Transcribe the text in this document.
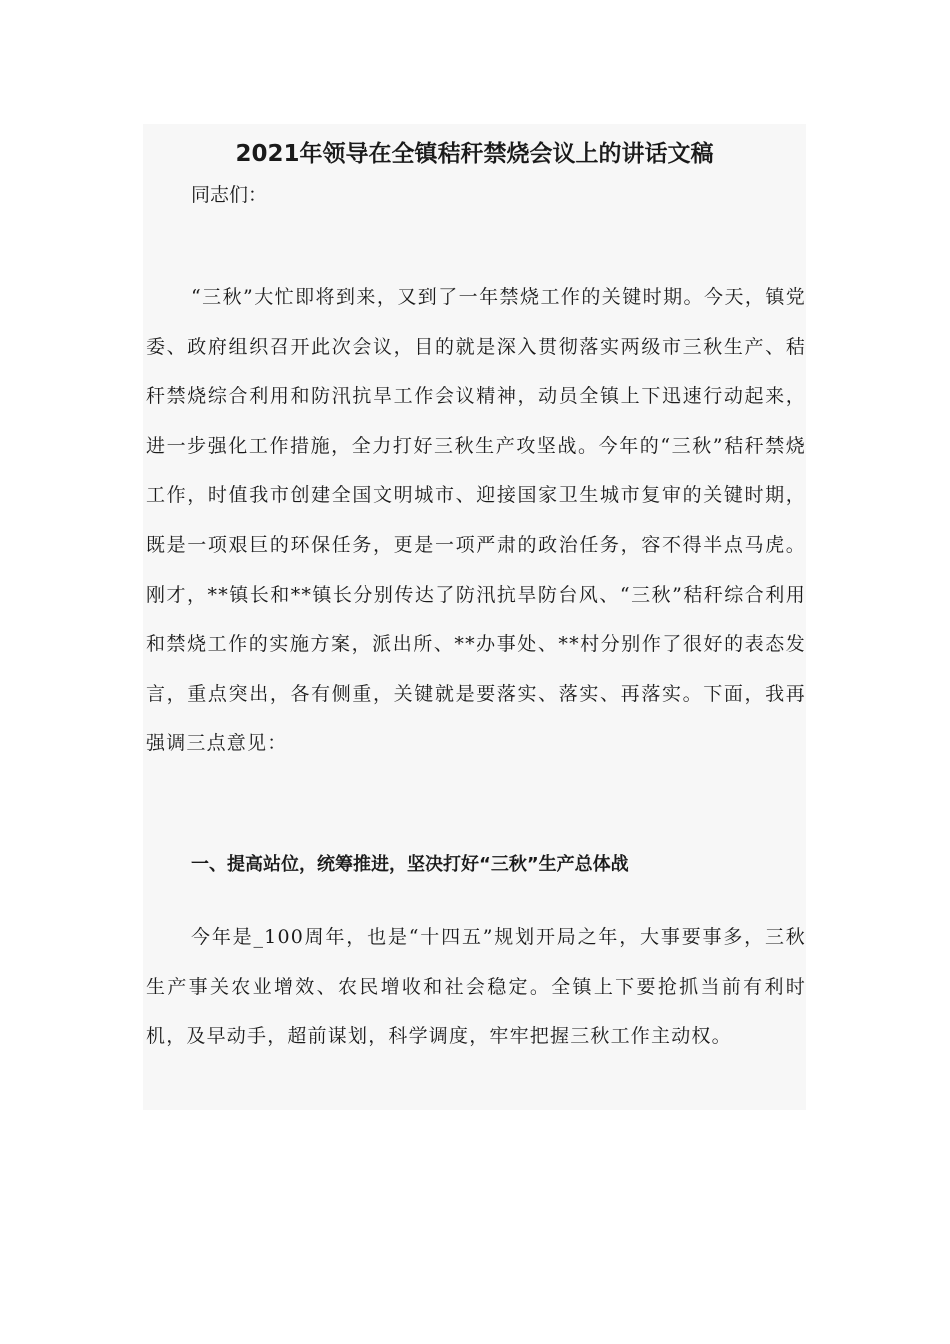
2021年领导在全镇秸秆禁烧会议上的讲话文稿

同志们：

“三秋”大忙即将到来，又到了一年禁烧工作的关键时期。今天，镇党委、政府组织召开此次会议，目的就是深入贯彻落实两级市三秋生产、秸秆禁烧综合利用和防汛抗旱工作会议精神，动员全镇上下迅速行动起来，进一步强化工作措施，全力打好三秋生产攻坚战。今年的“三秋”秸秆禁烧工作，时值我市创建全国文明城市、迎接国家卫生城市复审的关键时期，既是一项艰巨的环保任务，更是一项严肃的政治任务，容不得半点马虎。刚才，**镇长和**镇长分别传达了防汛抗旱防台风、“三秋”秸秆综合利用和禁烧工作的实施方案，派出所、**办事处、**村分别作了很好的表态发言，重点突出，各有侧重，关键就是要落实、落实、再落实。下面，我再强调三点意见：

一、提高站位，统筹推进，坚决打好“三秋”生产总体战

今年是_100周年，也是“十四五”规划开局之年，大事要事多，三秋生产事关农业增效、农民增收和社会稳定。全镇上下要抢抓当前有利时机，及早动手，超前谋划，科学调度，牢牢把握三秋工作主动权。
